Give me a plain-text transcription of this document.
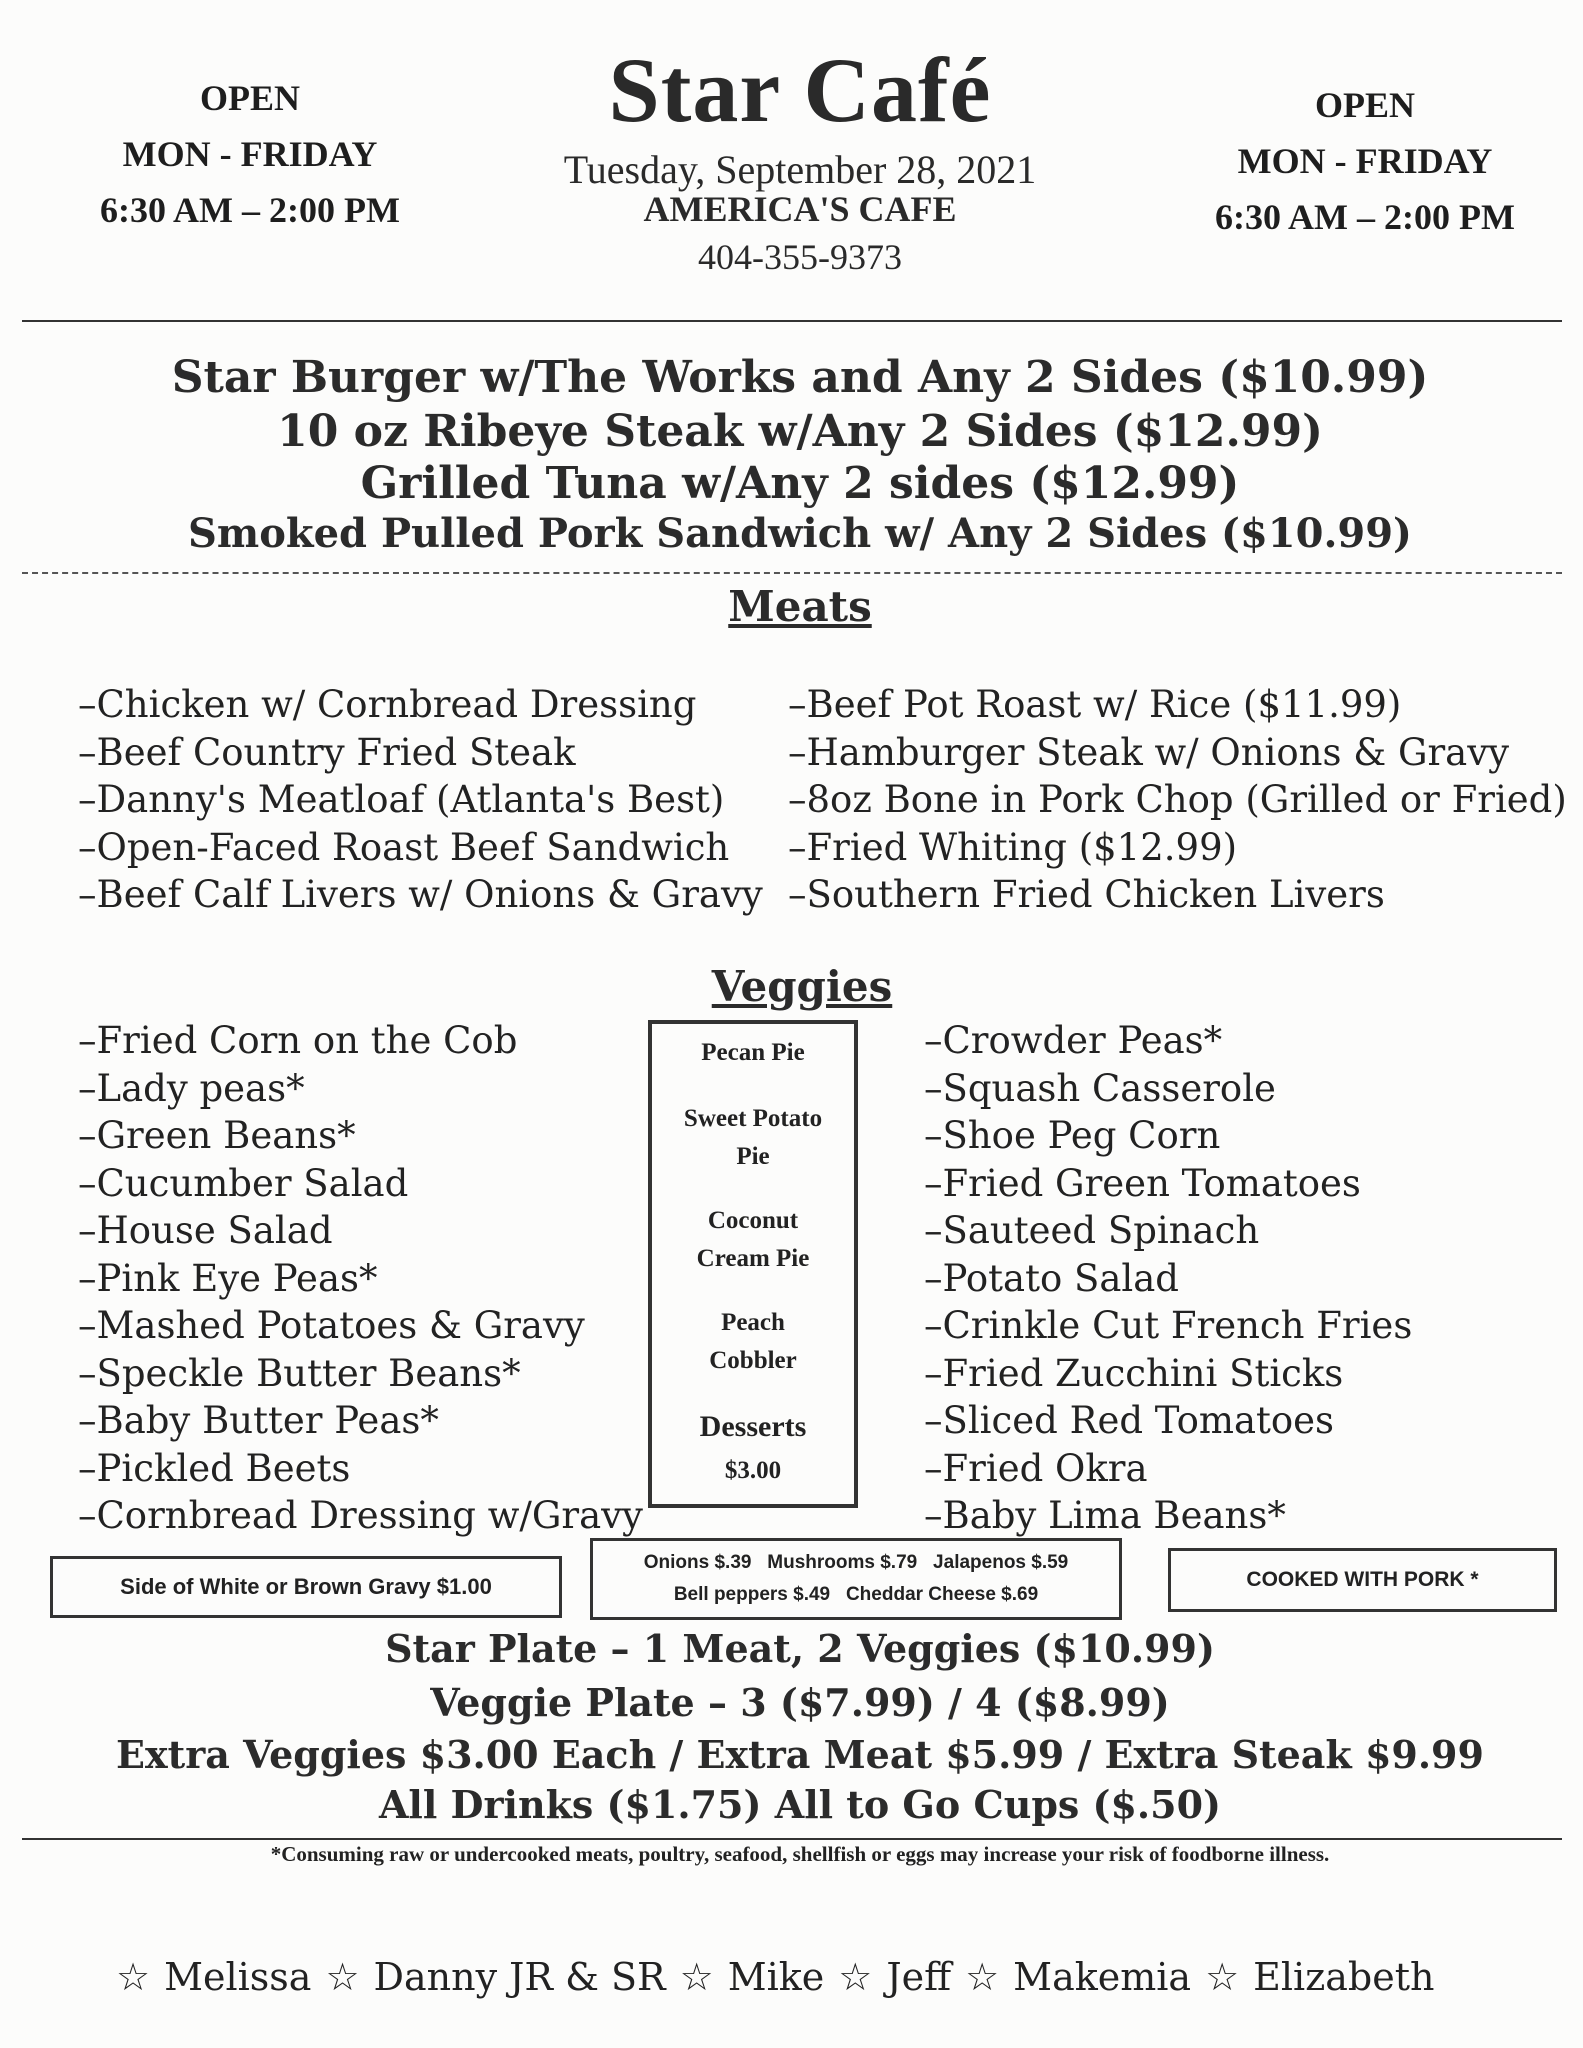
OPEN
MON - FRIDAY
6:30 AM – 2:00 PM
OPEN
MON - FRIDAY
6:30 AM – 2:00 PM
Star Café
Tuesday, September 28, 2021
AMERICA'S CAFE
404-355-9373
Star Burger w/The Works and Any 2 Sides ($10.99)
10 oz Ribeye Steak w/Any 2 Sides ($12.99)
Grilled Tuna w/Any 2 sides ($12.99)
Smoked Pulled Pork Sandwich w/ Any 2 Sides ($10.99)
Meats
–Chicken w/ Cornbread Dressing
–Beef Country Fried Steak
–Danny's Meatloaf (Atlanta's Best)
–Open-Faced Roast Beef Sandwich
–Beef Calf Livers w/ Onions & Gravy
–Beef Pot Roast w/ Rice ($11.99)
–Hamburger Steak w/ Onions & Gravy
–8oz Bone in Pork Chop (Grilled or Fried)
–Fried Whiting ($12.99)
–Southern Fried Chicken Livers
Veggies
–Fried Corn on the Cob
–Lady peas*
–Green Beans*
–Cucumber Salad
–House Salad
–Pink Eye Peas*
–Mashed Potatoes & Gravy
–Speckle Butter Beans*
–Baby Butter Peas*
–Pickled Beets
–Cornbread Dressing w/Gravy
–Crowder Peas*
–Squash Casserole
–Shoe Peg Corn
–Fried Green Tomatoes
–Sauteed Spinach
–Potato Salad
–Crinkle Cut French Fries
–Fried Zucchini Sticks
–Sliced Red Tomatoes
–Fried Okra
–Baby Lima Beans*
Pecan Pie
Sweet Potato
Pie
Coconut
Cream Pie
Peach
Cobbler
Desserts
$3.00
Side of White or Brown Gravy $1.00
Onions $.39   Mushrooms $.79   Jalapenos $.59
Bell peppers $.49   Cheddar Cheese $.69
COOKED WITH PORK *
Star Plate – 1 Meat, 2 Veggies ($10.99)
Veggie Plate – 3 ($7.99) / 4 ($8.99)
Extra Veggies $3.00 Each / Extra Meat $5.99 / Extra Steak $9.99
All Drinks ($1.75) All to Go Cups ($.50)
*Consuming raw or undercooked meats, poultry, seafood, shellfish or eggs may increase your risk of foodborne illness.
☆ Melissa ☆ Danny JR & SR ☆ Mike ☆ Jeff ☆ Makemia ☆ Elizabeth
